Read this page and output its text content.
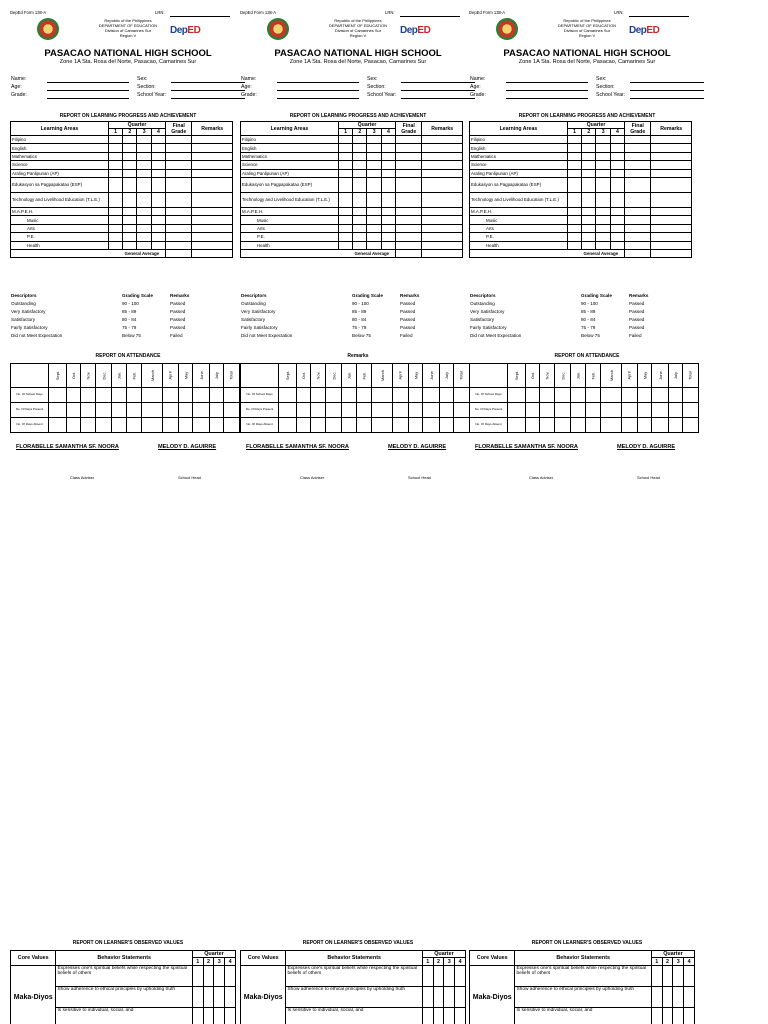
DepEd Form 138-A	LRN:
Republic of the Philippines
DEPARTMENT OF EDUCATION
Division of Camarines Sur
Region V	DepED
PASACAO NATIONAL HIGH SCHOOL
Zone 1A Sta. Rosa del Norte, Pasacao, Camarines Sur
Name:	Sex:
Age:	Section:
Grade:	School Year:
REPORT ON LEARNING PROGRESS AND ACHIEVEMENT
Learning Areas	Quarter				Final Grade	Remarks
	1	2	3	4		
Filipino						
English						
Mathematics						
Science						
Araling Panlipunan (AP)						
Edukasyon sa Pagpapakatao (ESP)						
Technology and Livelihood Education (T.L.E.)						
M.A.P.E.H.						
Music						
Arts						
P.E.						
Health						
General Average						
Descriptors	Grading Scale	Remarks
Outstanding	90 - 100	Passed
Very Satisfactory	85 - 89	Passed
Satisfactory	80 - 84	Passed
Fairly Satisfactory	75 - 79	Passed
Did not Meet Expectation	Below 75	Failed
REPORT ON ATTENDANCE
	Sept.	Oct.	Nov.	Dec.	Jan.	Feb.	March	April	May	June	July	Total
No. Of School Days												
No. Of Days Present												
No. Of Days Absent												
FLORABELLE SAMANTHA SF. NOORA	MELODY D. AGUIRRE
Class Adviser	School Head
REPORT ON LEARNER'S OBSERVED VALUES
Core Values	Behavior Statements	Quarter			
		1	2	3	4
Maka-Diyos	Expresses one's spiritual beliefs while respecting the spiritual beliefs of others				
	Show adherence to ethical principles by upholding truth				
	Is sensitive to individual, social, and				
DepEd Form 138-A	LRN:
Republic of the Philippines
DEPARTMENT OF EDUCATION
Division of Camarines Sur
Region V	DepED
PASACAO NATIONAL HIGH SCHOOL
Zone 1A Sta. Rosa del Norte, Pasacao, Camarines Sur
Name:	Sex:
Age:	Section:
Grade:	School Year:
REPORT ON LEARNING PROGRESS AND ACHIEVEMENT
Learning Areas	Quarter				Final Grade	Remarks
	1	2	3	4		
Filipino						
English						
Mathematics						
Science						
Araling Panlipunan (AP)						
Edukasyon sa Pagpapakatao (ESP)						
Technology and Livelihood Education (T.L.E.)						
M.A.P.E.H.						
Music						
Arts						
P.E.						
Health						
General Average						
Descriptors	Grading Scale	Remarks
Outstanding	90 - 100	Passed
Very Satisfactory	85 - 89	Passed
Satisfactory	80 - 84	Passed
Fairly Satisfactory	75 - 79	Passed
Did not Meet Expectation	Below 75	Failed
Remarks
	Sept.	Oct.	Nov.	Dec.	Jan.	Feb.	March	April	May	June	July	Total
No. Of School Days												
No. Of Days Present												
No. Of Days Absent												
FLORABELLE SAMANTHA SF. NOORA	MELODY D. AGUIRRE
Class Adviser	School Head
REPORT ON LEARNER'S OBSERVED VALUES
Core Values	Behavior Statements	Quarter			
		1	2	3	4
Maka-Diyos	Expresses one's spiritual beliefs while respecting the spiritual beliefs of others				
	Show adherence to ethical principles by upholding truth				
	Is sensitive to individual, social, and				
DepEd Form 138-A	LRN:
Republic of the Philippines
DEPARTMENT OF EDUCATION
Division of Camarines Sur
Region V	DepED
PASACAO NATIONAL HIGH SCHOOL
Zone 1A Sta. Rosa del Norte, Pasacao, Camarines Sur
Name:	Sex:
Age:	Section:
Grade:	School Year:
REPORT ON LEARNING PROGRESS AND ACHIEVEMENT
Learning Areas	Quarter				Final Grade	Remarks
	1	2	3	4		
Filipino						
English						
Mathematics						
Science						
Araling Panlipunan (AP)						
Edukasyon sa Pagpapakatao (ESP)						
Technology and Livelihood Education (T.L.E.)						
M.A.P.E.H.						
Music						
Arts						
P.E.						
Health						
General Average						
Descriptors	Grading Scale	Remarks
Outstanding	90 - 100	Passed
Very Satisfactory	85 - 89	Passed
Satisfactory	80 - 84	Passed
Fairly Satisfactory	75 - 79	Passed
Did not Meet Expectation	Below 75	Failed
REPORT ON ATTENDANCE
	Sept.	Oct.	Nov.	Dec.	Jan.	Feb.	March	April	May	June	July	Total
No. Of School Days												
No. Of Days Present												
No. Of Days Absent												
FLORABELLE SAMANTHA SF. NOORA	MELODY D. AGUIRRE
Class Adviser	School Head
REPORT ON LEARNER'S OBSERVED VALUES
Core Values	Behavior Statements	Quarter			
		1	2	3	4
Maka-Diyos	Expresses one's spiritual beliefs while respecting the spiritual beliefs of others				
	Show adherence to ethical principles by upholding truth				
	Is sensitive to individual, social, and				
